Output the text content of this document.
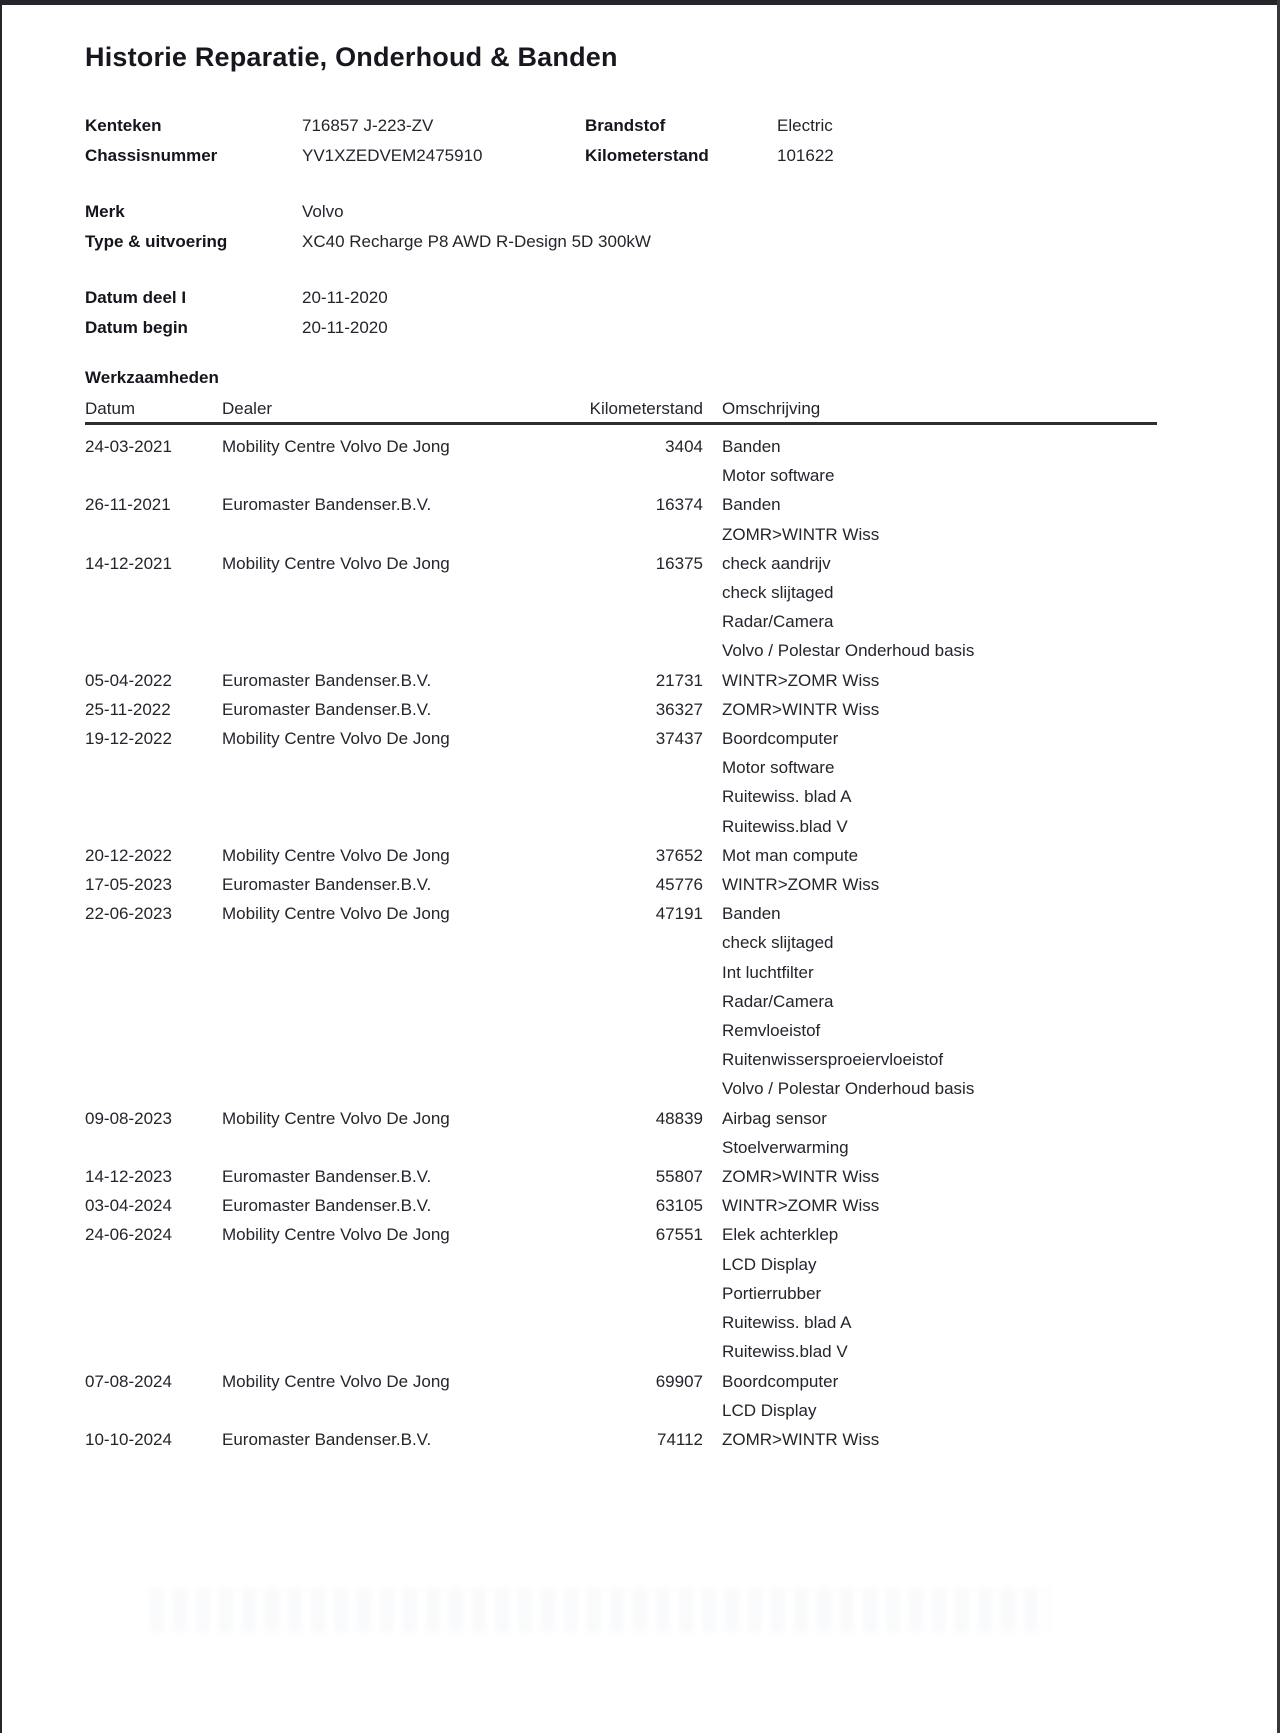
Historie Reparatie, Onderhoud & Banden
Kenteken	716857 J-223-ZV	Brandstof	Electric
Chassisnummer	YV1XZEDVEM2475910	Kilometerstand	101622
Merk	Volvo
Type & uitvoering	XC40 Recharge P8 AWD R-Design 5D 300kW
Datum deel I	20-11-2020
Datum begin	20-11-2020
Werkzaamheden
Datum	Dealer	Kilometerstand	Omschrijving
24-03-2021	Mobility Centre Volvo De Jong	3404 Banden
Motor software
26-11-2021	Euromaster Bandenser.B.V.	16374 Banden
ZOMR>WINTR Wiss
14-12-2021	Mobility Centre Volvo De Jong	16375 check aandrijv
check slijtaged
Radar/Camera
Volvo / Polestar Onderhoud basis
05-04-2022	Euromaster Bandenser.B.V.	21731 WINTR>ZOMR Wiss
25-11-2022	Euromaster Bandenser.B.V.	36327 ZOMR>WINTR Wiss
19-12-2022	Mobility Centre Volvo De Jong	37437 Boordcomputer
Motor software
Ruitewiss. blad A
Ruitewiss.blad V
20-12-2022	Mobility Centre Volvo De Jong	37652 Mot man compute
17-05-2023	Euromaster Bandenser.B.V.	45776 WINTR>ZOMR Wiss
22-06-2023	Mobility Centre Volvo De Jong	47191 Banden
check slijtaged
Int luchtfilter
Radar/Camera
Remvloeistof
Ruitenwissersproeiervloeistof
Volvo / Polestar Onderhoud basis
09-08-2023	Mobility Centre Volvo De Jong	48839 Airbag sensor
Stoelverwarming
14-12-2023	Euromaster Bandenser.B.V.	55807 ZOMR>WINTR Wiss
03-04-2024	Euromaster Bandenser.B.V.	63105 WINTR>ZOMR Wiss
24-06-2024	Mobility Centre Volvo De Jong	67551 Elek achterklep
LCD Display
Portierrubber
Ruitewiss. blad A
Ruitewiss.blad V
07-08-2024	Mobility Centre Volvo De Jong	69907 Boordcomputer
LCD Display
10-10-2024	Euromaster Bandenser.B.V.	74112 ZOMR>WINTR Wiss
